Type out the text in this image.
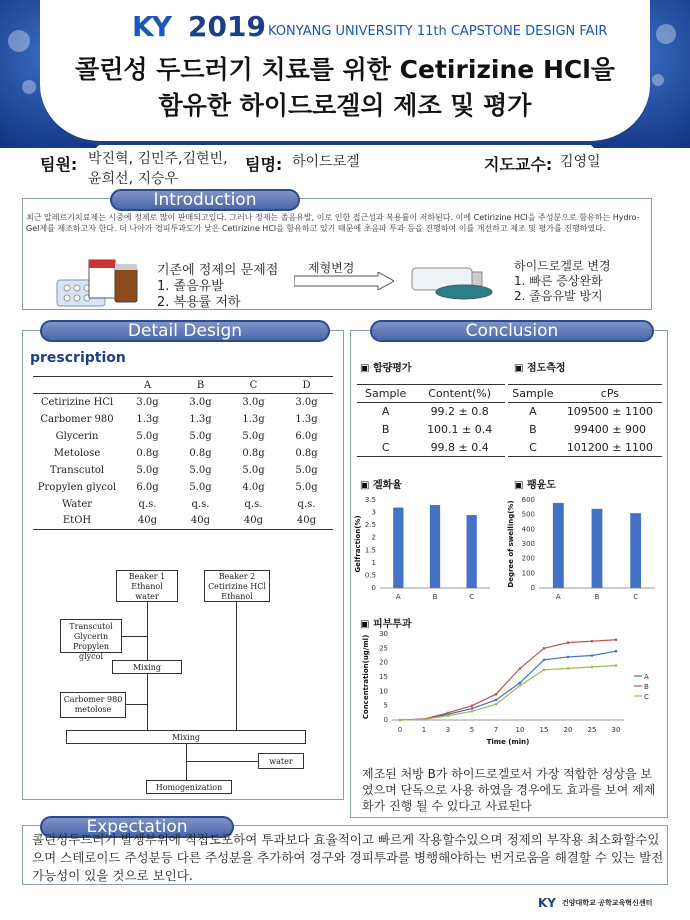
KY 2019 KONYANG UNIVERSITY 11th CAPSTONE DESIGN FAIR
콜린성 두드러기 치료를 위한 Cetirizine HCl을
함유한 하이드로겔의 제조 및 평가
팀원: 박진혁, 김민주,김현빈,
윤희선, 지승우
팀명: 하이드로겔	지도교수: 김영일
Introduction
최근 알레르기치료제는 시중에 정제로 많이 판매되고있다. 그러나 정제는 졸음유발, 이로 인한 접근성과 복용률이 저하된다. 이에 Cetirizine HCl을 주성분으로 함유하는 Hydro-Gel제를 제조하고자 한다. 더 나아가 경피투과도가 낮은 Cetirizine HCl을 함유하고 있기 때문에 초음파 투과 등을 진행하여 이를 개선하고 제조 및 평가를 진행하였다.
기존에 정제의 문제점
1. 졸음유발
2. 복용률 저하
제형변경	하이드로겔로 변경
1. 빠른 증상완화
2. 졸음유발 방지
Detail Design
prescription
	A	B	C	D
Cetirizine HCl	3.0g	3.0g	3.0g	3.0g
Carbomer 980	1.3g	1.3g	1.3g	1.3g
Glycerin	5.0g	5.0g	5.0g	6.0g
Metolose	0.8g	0.8g	0.8g	0.8g
Transcutol	5.0g	5.0g	5.0g	5.0g
Propylen glycol	6.0g	5.0g	4.0g	5.0g
Water	q.s.	q.s.	q.s.	q.s.
EtOH	40g	40g	40g	40g
Beaker 1
Ethanol
water
Beaker 2
Cetirizine HCl
Ethanol
Transcutol
Glycerin
Propylen glycol
Mixing
Carbomer 980
metolose
Mixing
water
Homogenization
Conclusion
▣ 함량평가
Sample	Content(%)
A	99.2 ± 0.8
B	100.1 ± 0.4
C	99.8 ± 0.4
▣ 점도측정
Sample	cPs
A	109500 ± 1100
B	99400 ± 900
C	101200 ± 1100
▣ 겔화율
0
0.5
1
1.5
2
2.5
3
3.5
A	B	C
Gelfraction(%)
▣ 팽윤도
0
100
200
300
400
500
600
A	B	C
Degree of swelling(%)
▣ 피부투과
0
5
10
15
20
25
30
0	1	3	5	7 10 15 20 25 30
A
B
C
Time (min)
Concentration(ug/ml)
제조된 처방 B가 하이드로겔로서 가장 적합한 성상을 보였으며 단독으로 사용 하였을 경우에도 효과를 보여 제제화가 진행 될 수 있다고 사료된다
Expectation
콜린성두드러기 발생부위에 직접도포하여 투과보다 효율적이고 빠르게 작용할수있으며 정제의 부작용 최소화할수있으며 스테로이드 주성분등 다른 주성분을 추가하여 경구와 경피투과를 병행해야하는 번거로움을 해결할 수 있는 발전가능성이 있을 것으로 보인다.
KY 건양대학교 공학교육혁신센터
